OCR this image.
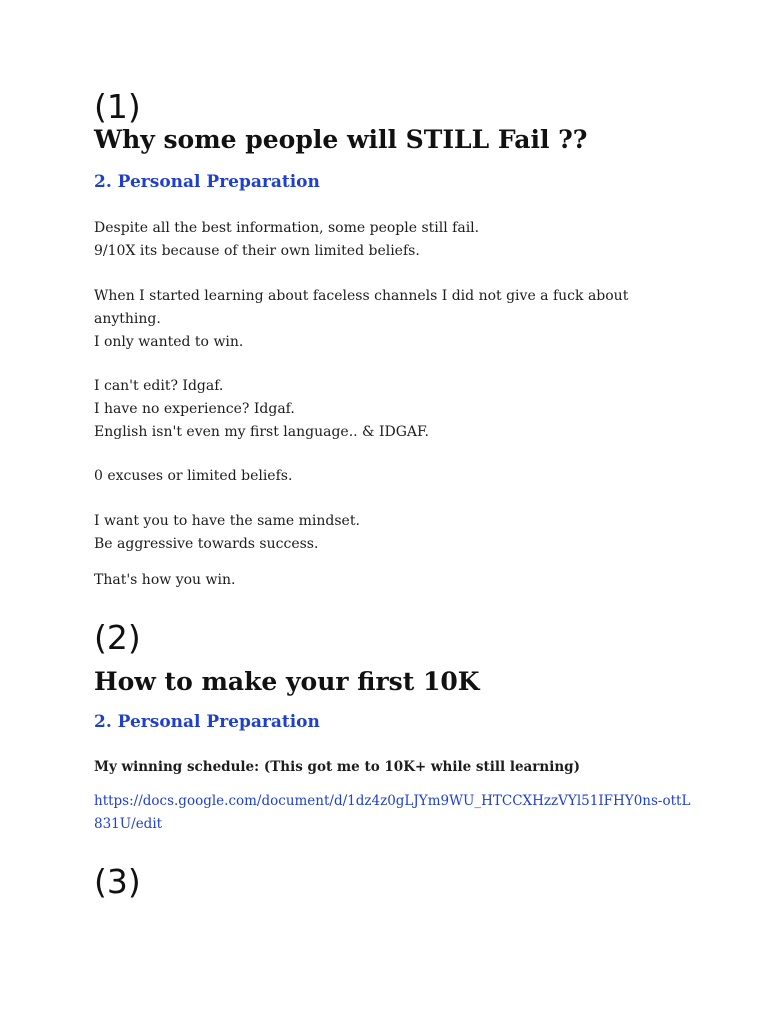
(1)
Why some people will STILL Fail ??
2. Personal Preparation
Despite all the best information, some people still fail.
9/10X its because of their own limited beliefs.
When I started learning about faceless channels I did not give a fuck about anything.
I only wanted to win.
I can't edit? Idgaf.
I have no experience? Idgaf.
English isn't even my first language.. & IDGAF.
0 excuses or limited beliefs.
I want you to have the same mindset.
Be aggressive towards success.
That's how you win.
(2)
How to make your first 10K
2. Personal Preparation
My winning schedule: (This got me to 10K+ while still learning)
https://docs.google.com/document/d/1dz4z0gLJYm9WU_HTCCXHzzVYl51IFHY0ns-ottL831U/edit
(3)
